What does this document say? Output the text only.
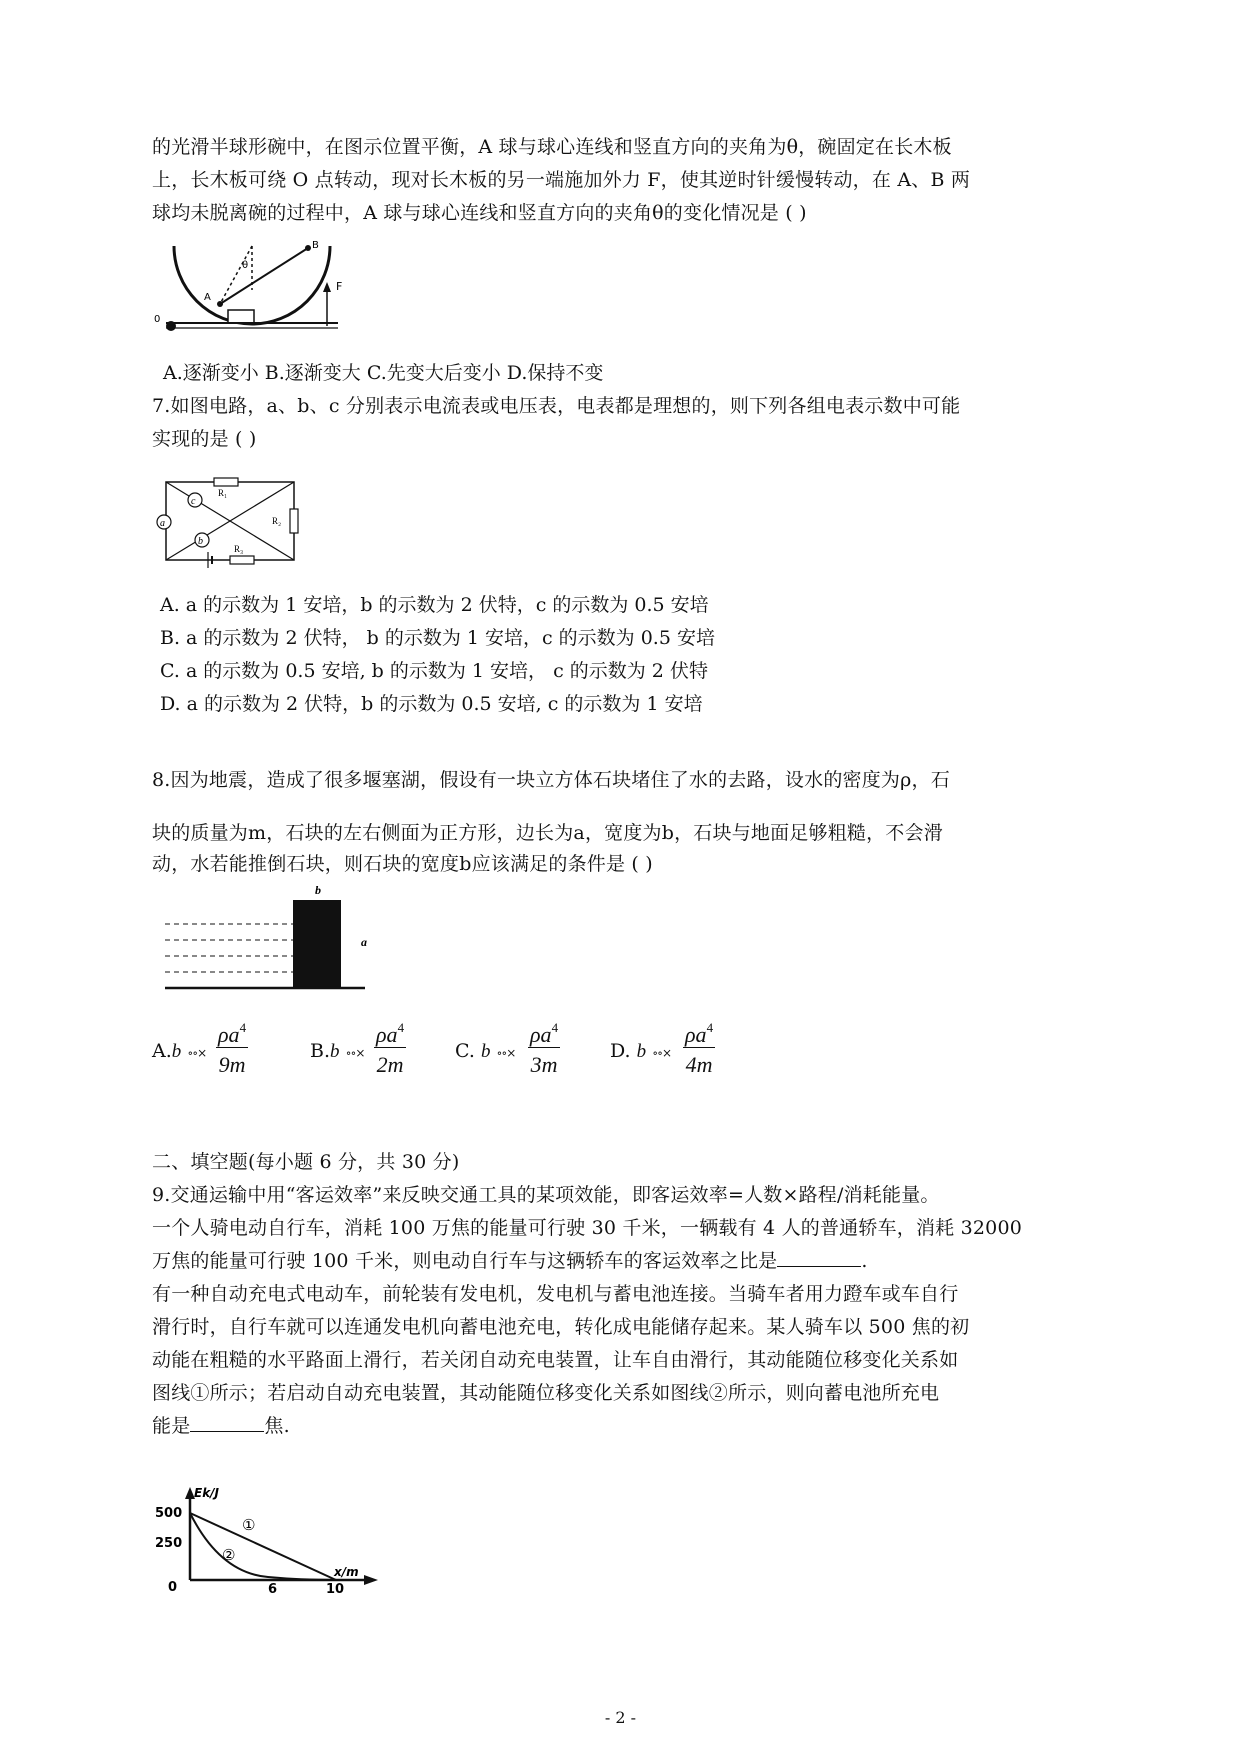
的光滑半球形碗中，在图示位置平衡，A 球与球心连线和竖直方向的夹角为θ，碗固定在长木板
上，长木板可绕 O 点转动，现对长木板的另一端施加外力 F，使其逆时针缓慢转动，在 A、B 两
球均未脱离碗的过程中，A 球与球心连线和竖直方向的夹角θ的变化情况是 ( )
0
A
B
θ
F
A.逐渐变小 B.逐渐变大 C.先变大后变小 D.保持不变
7.如图电路，a、b、c 分别表示电流表或电压表，电表都是理想的，则下列各组电表示数中可能
实现的是 ( )
a
c
b
R₁
R₂
R₃
A. a 的示数为 1 安培，b 的示数为 2 伏特，c 的示数为 0.5 安培
B. a 的示数为 2 伏特， b 的示数为 1 安培，c 的示数为 0.5 安培
C. a 的示数为 0.5 安培, b 的示数为 1 安培， c 的示数为 2 伏特
D. a 的示数为 2 伏特，b 的示数为 0.5 安培, c 的示数为 1 安培
8.因为地震，造成了很多堰塞湖，假设有一块立方体石块堵住了水的去路，设水的密度为ρ，石
块的质量为m，石块的左右侧面为正方形，边长为a，宽度为b，石块与地面足够粗糙，不会滑
动，水若能推倒石块，则石块的宽度b应该满足的条件是 ( )
b
a
A.b ∘∘× $\frac{\rho a^4}{9m}$	B.b ∘∘× $\frac{\rho a^4}{2m}$	C. b ∘∘× $\frac{\rho a^4}{3m}$	D. b ∘∘× $\frac{\rho a^4}{4m}$
二、填空题(每小题 6 分，共 30 分)
9.交通运输中用“客运效率”来反映交通工具的某项效能，即客运效率=人数×路程/消耗能量。
一个人骑电动自行车，消耗 100 万焦的能量可行驶 30 千米，一辆载有 4 人的普通轿车，消耗 32000
万焦的能量可行驶 100 千米，则电动自行车与这辆轿车的客运效率之比是	.
有一种自动充电式电动车，前轮装有发电机，发电机与蓄电池连接。当骑车者用力蹬车或车自行
滑行时，自行车就可以连通发电机向蓄电池充电，转化成电能储存起来。某人骑车以 500 焦的初
动能在粗糙的水平路面上滑行，若关闭自动充电装置，让车自由滑行，其动能随位移变化关系如
图线①所示；若启动自动充电装置，其动能随位移变化关系如图线②所示，则向蓄电池所充电
能是	焦.
Ek/J
x/m
500
250
0	6	10
①
②
- 2 -
